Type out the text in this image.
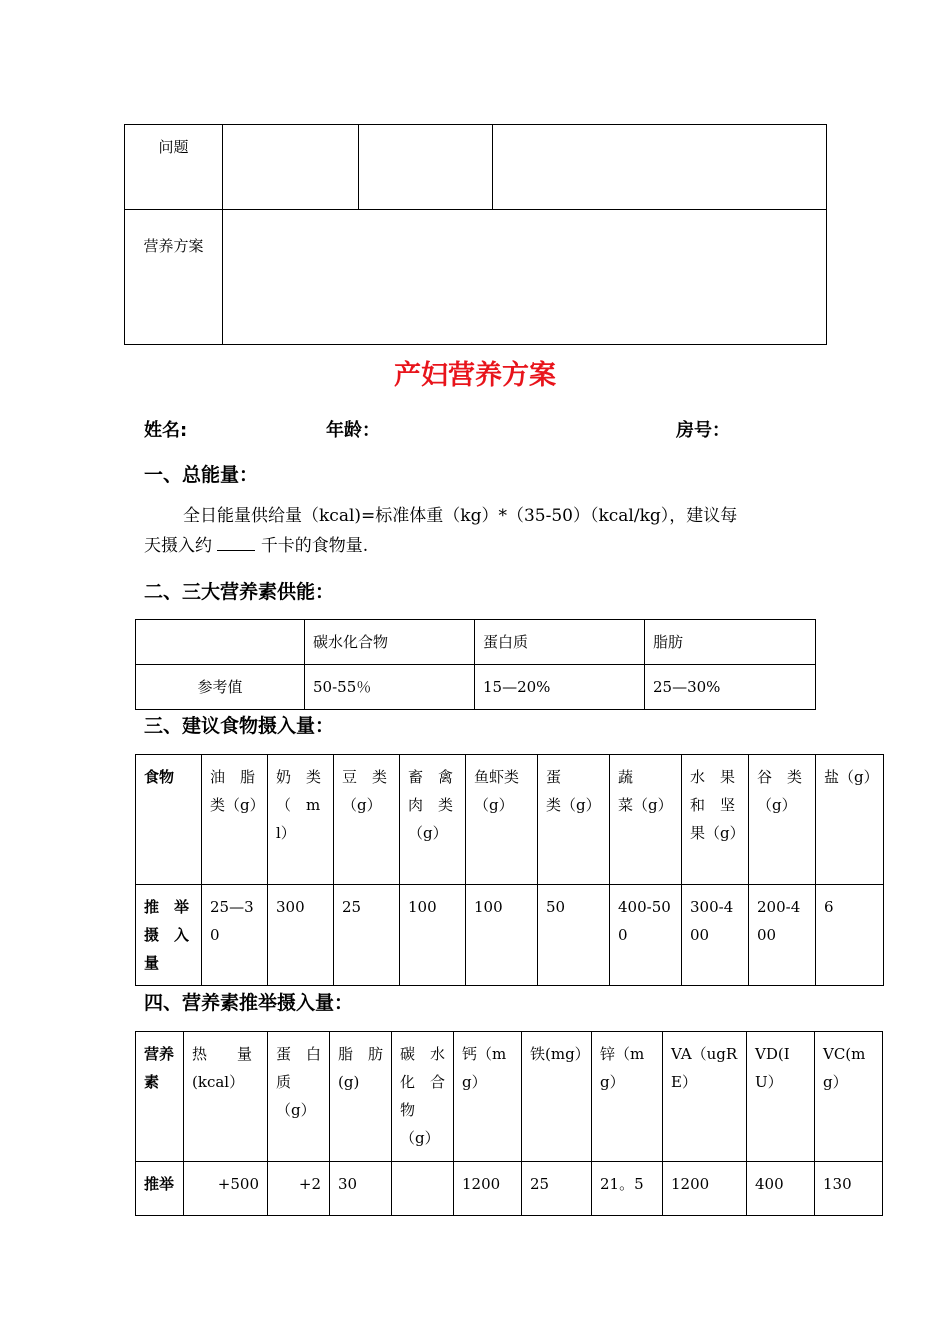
问题			
营养方案			
产妇营养方案
姓名:	年龄：	房号：
一、总能量：
全日能量供给量（kcal)=标准体重（kg）*（35-50）（kcal/kg），建议每
天摄入约	千卡的食物量.
二、三大营养素供能：
	碳水化合物	蛋白质	脂肪
参考值	50-55％	15—20%	25—30%
三、建议食物摄入量：
食物	油　脂类（g）	奶　类（　ml）	豆　类（g）	畜　禽肉　类（g）	鱼虾类（g）	蛋　　类（g）	蔬　　菜（g）	水　果和　坚果（g）	谷　类（g）	盐（g）
推　举摄　入量	25—30	300	25	100	100	50	400-500	300-400	200-400	6
四、营养素推举摄入量：
营养素	热　　量(kcal）	蛋　白质（g）	脂　肪(g)	碳　水化　合物（g）	钙（mg）	铁(mg）	锌（mg）	VA（ugRE）	VD(IU）	VC(mg）
推举	+500	+2	30		1200	25	21。5	1200	400	130
